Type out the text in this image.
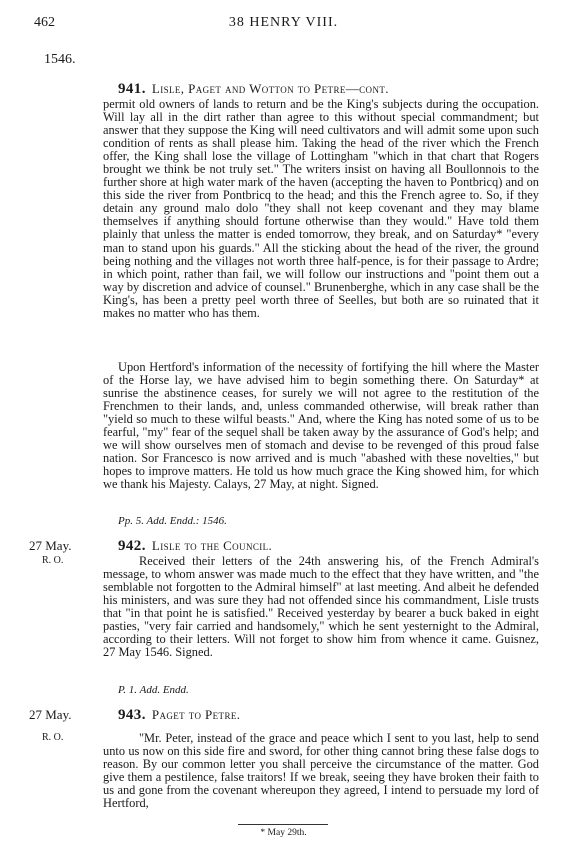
462	38 HENRY VIII.
1546.
941. Lisle, Paget and Wotton to Petre—cont.
permit old owners of lands to return and be the King's subjects during the occupation. Will lay all in the dirt rather than agree to this without special commandment; but answer that they suppose the King will need cultivators and will admit some upon such condition of rents as shall please him. Taking the head of the river which the French offer, the King shall lose the village of Lottingham "which in that chart that Rogers brought we think be not truly set." The writers insist on having all Boullonnois to the further shore at high water mark of the haven (accepting the haven to Pontbricq) and on this side the river from Pontbricq to the head; and this the French agree to. So, if they detain any ground malo dolo "they shall not keep covenant and they may blame themselves if anything should fortune otherwise than they would." Have told them plainly that unless the matter is ended tomorrow, they break, and on Saturday* "every man to stand upon his guards." All the sticking about the head of the river, the ground being nothing and the villages not worth three half-pence, is for their passage to Ardre; in which point, rather than fail, we will follow our instructions and "point them out a way by discretion and advice of counsel." Brunenberghe, which in any case shall be the King's, has been a pretty peel worth three of Seelles, but both are so ruinated that it makes no matter who has them.
Upon Hertford's information of the necessity of fortifying the hill where the Master of the Horse lay, we have advised him to begin something there. On Saturday* at sunrise the abstinence ceases, for surely we will not agree to the restitution of the Frenchmen to their lands, and, unless commanded otherwise, will break rather than "yield so much to these wilful beasts." And, where the King has noted some of us to be fearful, "my" fear of the sequel shall be taken away by the assurance of God's help; and we will show ourselves men of stomach and devise to be revenged of this proud false nation. Sor Francesco is now arrived and is much "abashed with these novelties," but hopes to improve matters. He told us how much grace the King showed him, for which we thank his Majesty. Calays, 27 May, at night. Signed.
Pp. 5. Add. Endd.: 1546.
27 May.
R. O.
942. Lisle to the Council.
Received their letters of the 24th answering his, of the French Admiral's message, to whom answer was made much to the effect that they have written, and "the semblable not forgotten to the Admiral himself" at last meeting. And albeit he defended his ministers, and was sure they had not offended since his commandment, Lisle trusts that "in that point he is satisfied." Received yesterday by bearer a buck baked in eight pasties, "very fair carried and handsomely," which he sent yesternight to the Admiral, according to their letters. Will not forget to show him from whence it came. Guisnez, 27 May 1546. Signed.
P. 1. Add. Endd.
27 May.
R. O.
943. Paget to Petre.
"Mr. Peter, instead of the grace and peace which I sent to you last, help to send unto us now on this side fire and sword, for other thing cannot bring these false dogs to reason. By our common letter you shall perceive the circumstance of the matter. God give them a pestilence, false traitors! If we break, seeing they have broken their faith to us and gone from the covenant whereupon they agreed, I intend to persuade my lord of Hertford,
* May 29th.
